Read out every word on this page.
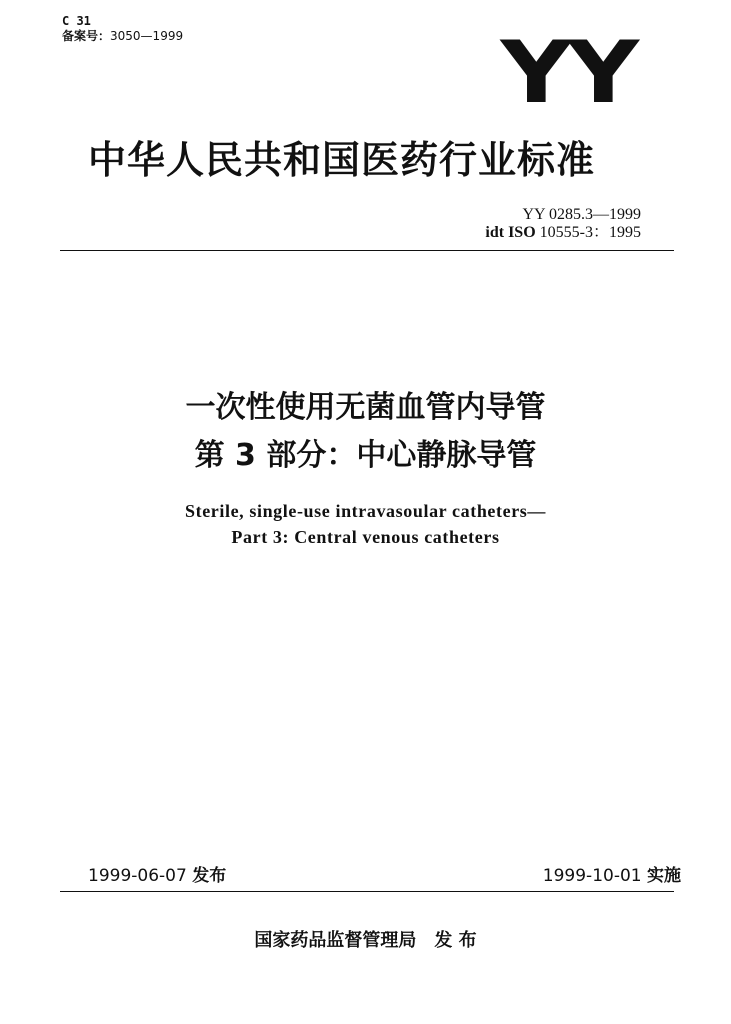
C 31
备案号：3050—1999	YY
中华人民共和国医药行业标准
YY 0285.3—1999
idt ISO 10555-3：1995
一次性使用无菌血管内导管
第 3 部分：中心静脉导管
Sterile, single-use intravasoular catheters—
Part 3: Central venous catheters
1999-06-07 发布	1999-10-01 实施
国家药品监督管理局 发 布
